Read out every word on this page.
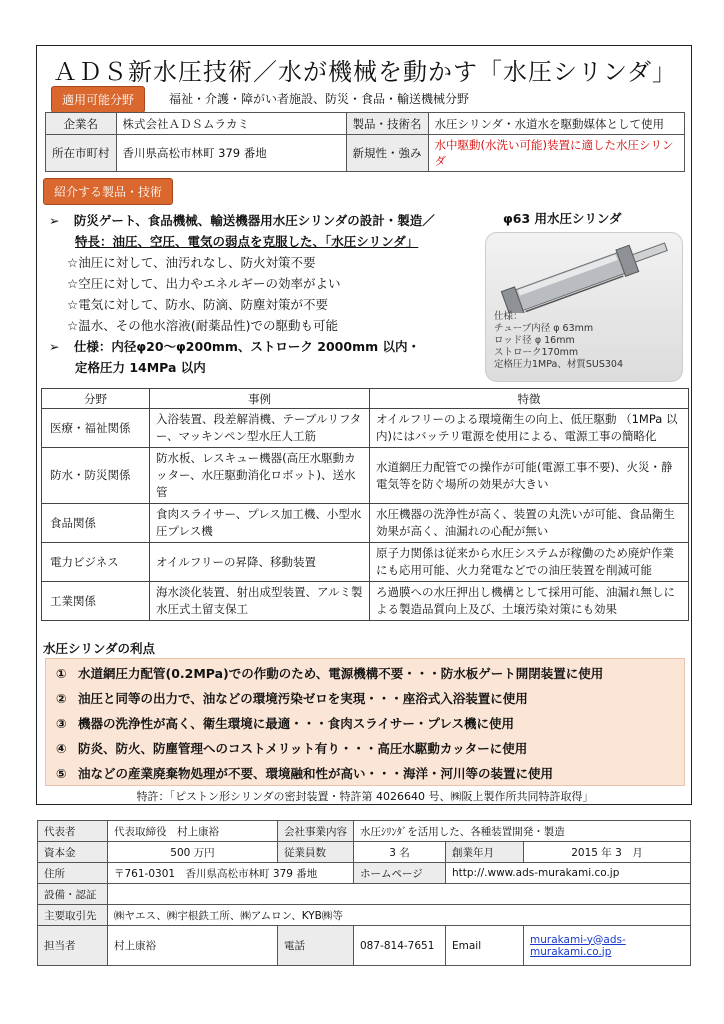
ＡＤＳ新水圧技術／水が機械を動かす「水圧シリンダ」
適用可能分野	福祉・介護・障がい者施設、防災・食品・輸送機械分野
企業名	株式会社ＡＤＳムラカミ	製品・技術名	水圧シリンダ・水道水を駆動媒体として使用
所在市町村	香川県高松市林町 379 番地	新規性・強み	水中駆動(水洗い可能)装置に適した水圧シリンダ
紹介する製品・技術
➢ 防災ゲート、食品機械、輸送機器用水圧シリンダの設計・製造／
特長：油圧、空圧、電気の弱点を克服した、「水圧シリンダ」
☆油圧に対して、油汚れなし、防火対策不要
☆空圧に対して、出力やエネルギーの効率がよい
☆電気に対して、防水、防滴、防塵対策が不要
☆温水、その他水溶液(耐薬品性)での駆動も可能
➢ 仕様：内径φ20～φ200mm、ストローク 2000mm 以内・
定格圧力 14MPa 以内
φ63 用水圧シリンダ
仕様：
チューブ内径 φ 63mm
ロッド径 φ 16mm
ストローク170mm
定格圧力1MPa、材質SUS304
分野	事例	特徴
医療・福祉関係	入浴装置、段差解消機、テーブルリフター、マッキンペン型水圧人工筋	オイルフリーのよる環境衛生の向上、低圧駆動 （1MPa 以内)にはバッテリ電源を使用による、電源工事の簡略化
防水・防災関係	防水板、レスキュー機器(高圧水駆動カッター、水圧駆動消化ロボット)、送水管	水道網圧力配管での操作が可能(電源工事不要)、火災・静電気等を防ぐ場所の効果が大きい
食品関係	食肉スライサー、プレス加工機、小型水圧プレス機	水圧機器の洗浄性が高く、装置の丸洗いが可能、食品衛生効果が高く、油漏れの心配が無い
電力ビジネス	オイルフリーの昇降、移動装置	原子力関係は従来から水圧システムが稼働のため廃炉作業にも応用可能、火力発電などでの油圧装置を削減可能
工業関係	海水淡化装置、射出成型装置、アルミ製水圧式土留支保工	ろ過膜への水圧押出し機構として採用可能、油漏れ無しによる製造品質向上及び、土壌汚染対策にも効果
水圧シリンダの利点
① 水道網圧力配管(0.2MPa)での作動のため、電源機構不要・・・防水板ゲート開閉装置に使用
② 油圧と同等の出力で、油などの環境汚染ゼロを実現・・・座浴式入浴装置に使用
③ 機器の洗浄性が高く、衛生環境に最適・・・食肉スライサー・プレス機に使用
④ 防炎、防火、防塵管理へのコストメリット有り・・・高圧水駆動カッターに使用
⑤ 油などの産業廃棄物処理が不要、環境融和性が高い・・・海洋・河川等の装置に使用
特許：「ピストン形シリンダの密封装置・特許第 4026640 号、㈱阪上製作所共同特許取得」
代表者	代表取締役　村上康裕	会社事業内容	水圧ｼﾘﾝﾀﾞを活用した、各種装置開発・製造		
資本金	500 万円	従業員数	3 名	創業年月	2015 年 3　月
住所	〒761-0301　香川県高松市林町 379 番地		ホームページ	http://.www.ads-murakami.co.jp	
設備・認証					
主要取引先	㈱ヤエス、㈱宇根鉄工所、㈱アムロン、KYB㈱等				
担当者	村上康裕	電話	087-814-7651	Email	murakami-y@ads-
murakami.co.jp
